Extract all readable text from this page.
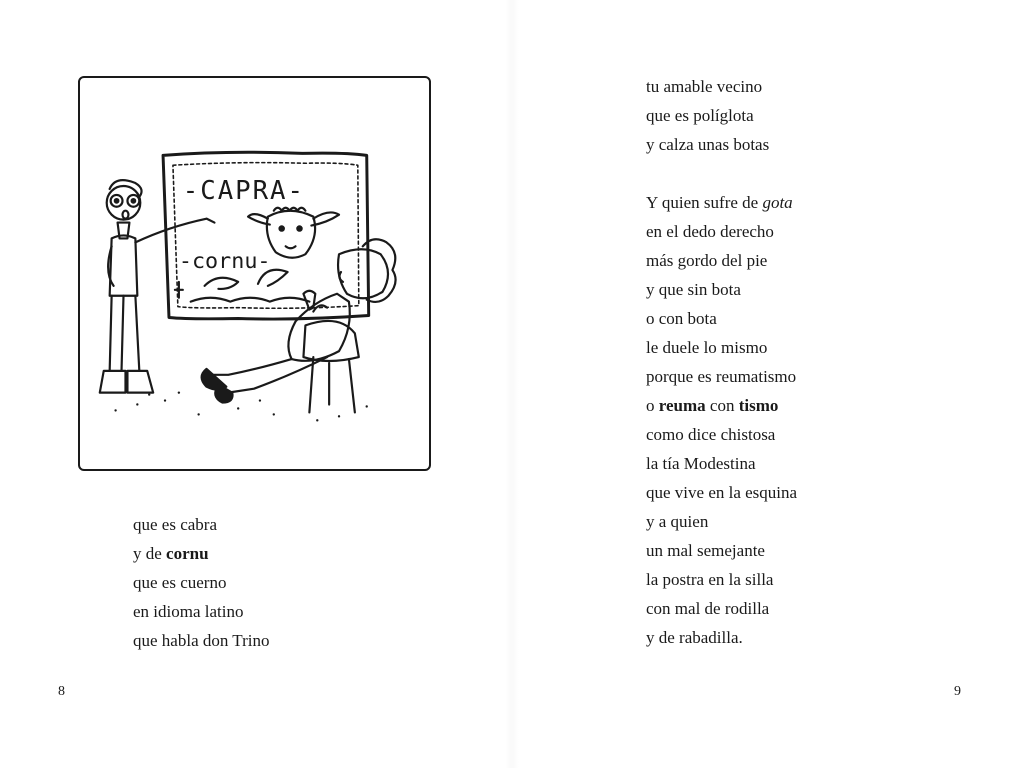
-CAPRA-
-cornu-
que es cabra
y de cornu
que es cuerno
en idioma latino
que habla don Trino
8
tu amable vecino
que es políglota
y calza unas botas
Y quien sufre de gota
en el dedo derecho
más gordo del pie
y que sin bota
o con bota
le duele lo mismo
porque es reumatismo
o reuma con tismo
como dice chistosa
la tía Modestina
que vive en la esquina
y a quien
un mal semejante
la postra en la silla
con mal de rodilla
y de rabadilla.
9
